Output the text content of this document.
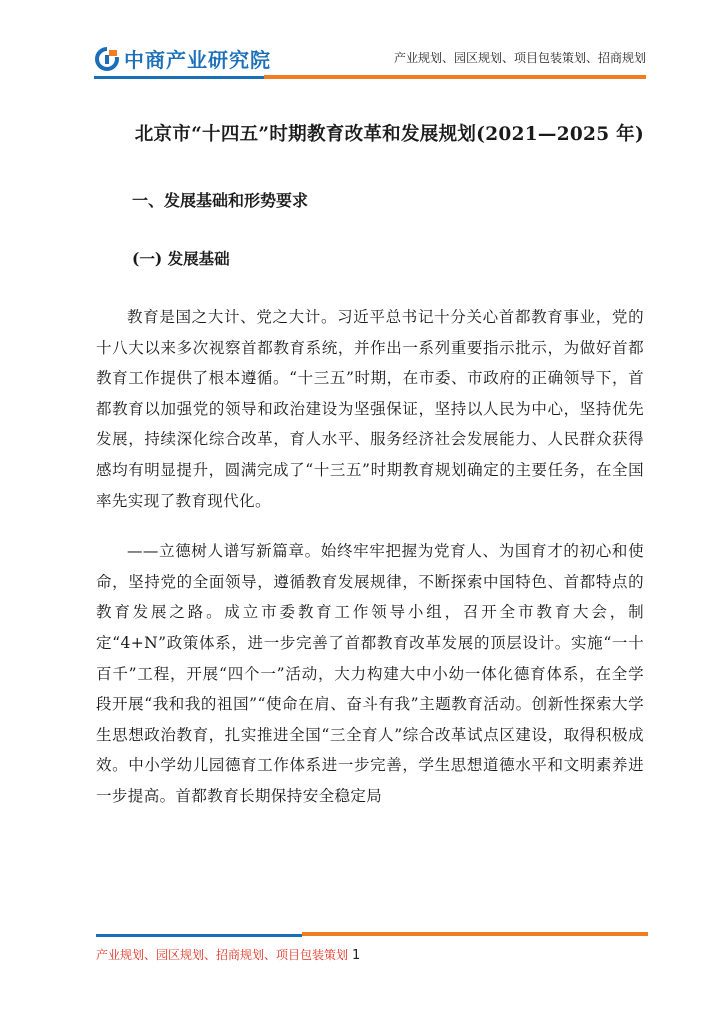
中商产业研究院	产业规划、园区规划、项目包装策划、招商规划
北京市“十四五”时期教育改革和发展规划(2021—2025 年)
一、发展基础和形势要求
(一) 发展基础

教育是国之大计、党之大计。习近平总书记十分关心首都教育事业，党的十八大以来多次视察首都教育系统，并作出一系列重要指示批示，为做好首都教育工作提供了根本遵循。“十三五”时期，在市委、市政府的正确领导下，首都教育以加强党的领导和政治建设为坚强保证，坚持以人民为中心，坚持优先发展，持续深化综合改革，育人水平、服务经济社会发展能力、人民群众获得感均有明显提升，圆满完成了“十三五”时期教育规划确定的主要任务，在全国率先实现了教育现代化。

——立德树人谱写新篇章。始终牢牢把握为党育人、为国育才的初心和使命，坚持党的全面领导，遵循教育发展规律，不断探索中国特色、首都特点的教育发展之路。成立市委教育工作领导小组，召开全市教育大会，制定“4+N”政策体系，进一步完善了首都教育改革发展的顶层设计。实施“一十百千”工程，开展“四个一”活动，大力构建大中小幼一体化德育体系，在全学段开展“我和我的祖国”“使命在肩、奋斗有我”主题教育活动。创新性探索大学生思想政治教育，扎实推进全国“三全育人”综合改革试点区建设，取得积极成效。中小学幼儿园德育工作体系进一步完善，学生思想道德水平和文明素养进一步提高。首都教育长期保持安全稳定局

产业规划、园区规划、招商规划、项目包装策划 1
